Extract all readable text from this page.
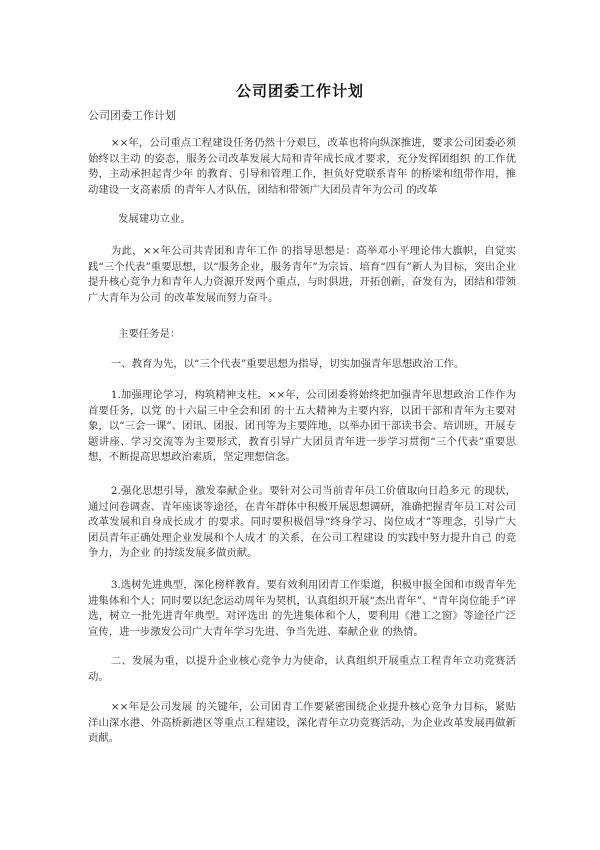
公司团委工作计划

公司团委工作计划

××年，公司重点工程建设任务仍然十分艰巨，改革也将向纵深推进，要求公司团委必须始终以主动 的姿态，服务公司改革发展大局和青年成长成才要求，充分发挥团组织 的工作优势，主动承担起青少年 的教育、引导和管理工作，担负好党联系青年 的桥梁和纽带作用，推动建设一支高素质 的青年人才队伍，团结和带领广大团员青年为公司 的改革

发展建功立业。

为此，××年公司共青团和青年工作 的指导思想是：高举邓小平理论伟大旗帜，自觉实践“三个代表”重要思想，以“服务企业，服务青年”为宗旨、培育“四有”新人为目标，突出企业提升核心竞争力和青年人力资源开发两个重点，与时俱进，开拓创新，奋发有为，团结和带领广大青年为公司 的改革发展而努力奋斗。

主要任务是：

一、教育为先，以“三个代表”重要思想为指导，切实加强青年思想政治工作。

1.加强理论学习，构筑精神支柱。××年，公司团委将始终把加强青年思想政治工作作为首要任务，以党 的十六届三中全会和团 的十五大精神为主要内容，以团干部和青年为主要对象，以“三会一课”、团讯、团报、团刊等为主要阵地，以举办团干部读书会、培训班，开展专题讲座、学习交流等为主要形式，教育引导广大团员青年进一步学习贯彻“三个代表”重要思想，不断提高思想政治素质，坚定理想信念。

2.强化思想引导，激发奉献企业。要针对公司当前青年员工价值取向日趋多元 的现状，通过问卷调查、青年座谈等途径，在青年群体中积极开展思想调研，准确把握青年员工对公司改革发展和自身成长成才 的要求。同时要积极倡导“终身学习、岗位成才”等理念，引导广大团员青年正确处理企业发展和个人成才 的关系，在公司工程建设 的实践中努力提升自己 的竞争力，为企业 的持续发展多做贡献。

3.选树先进典型，深化榜样教育。要有效利用团青工作渠道，积极申报全国和市级青年先进集体和个人；同时要以纪念运动周年为契机，认真组织开展“杰出青年”、“青年岗位能手”评选，树立一批先进青年典型。对评选出 的先进集体和个人，要利用《港工之窗》等途径广泛宣传，进一步激发公司广大青年学习先进、争当先进、奉献企业 的热情。

二、发展为重，以提升企业核心竞争力为使命，认真组织开展重点工程青年立功竞赛活动。

××年是公司发展 的关键年，公司团青工作要紧密围绕企业提升核心竞争力目标，紧贴洋山深水港、外高桥新港区等重点工程建设，深化青年立功竞赛活动，为企业改革发展再做新贡献。
